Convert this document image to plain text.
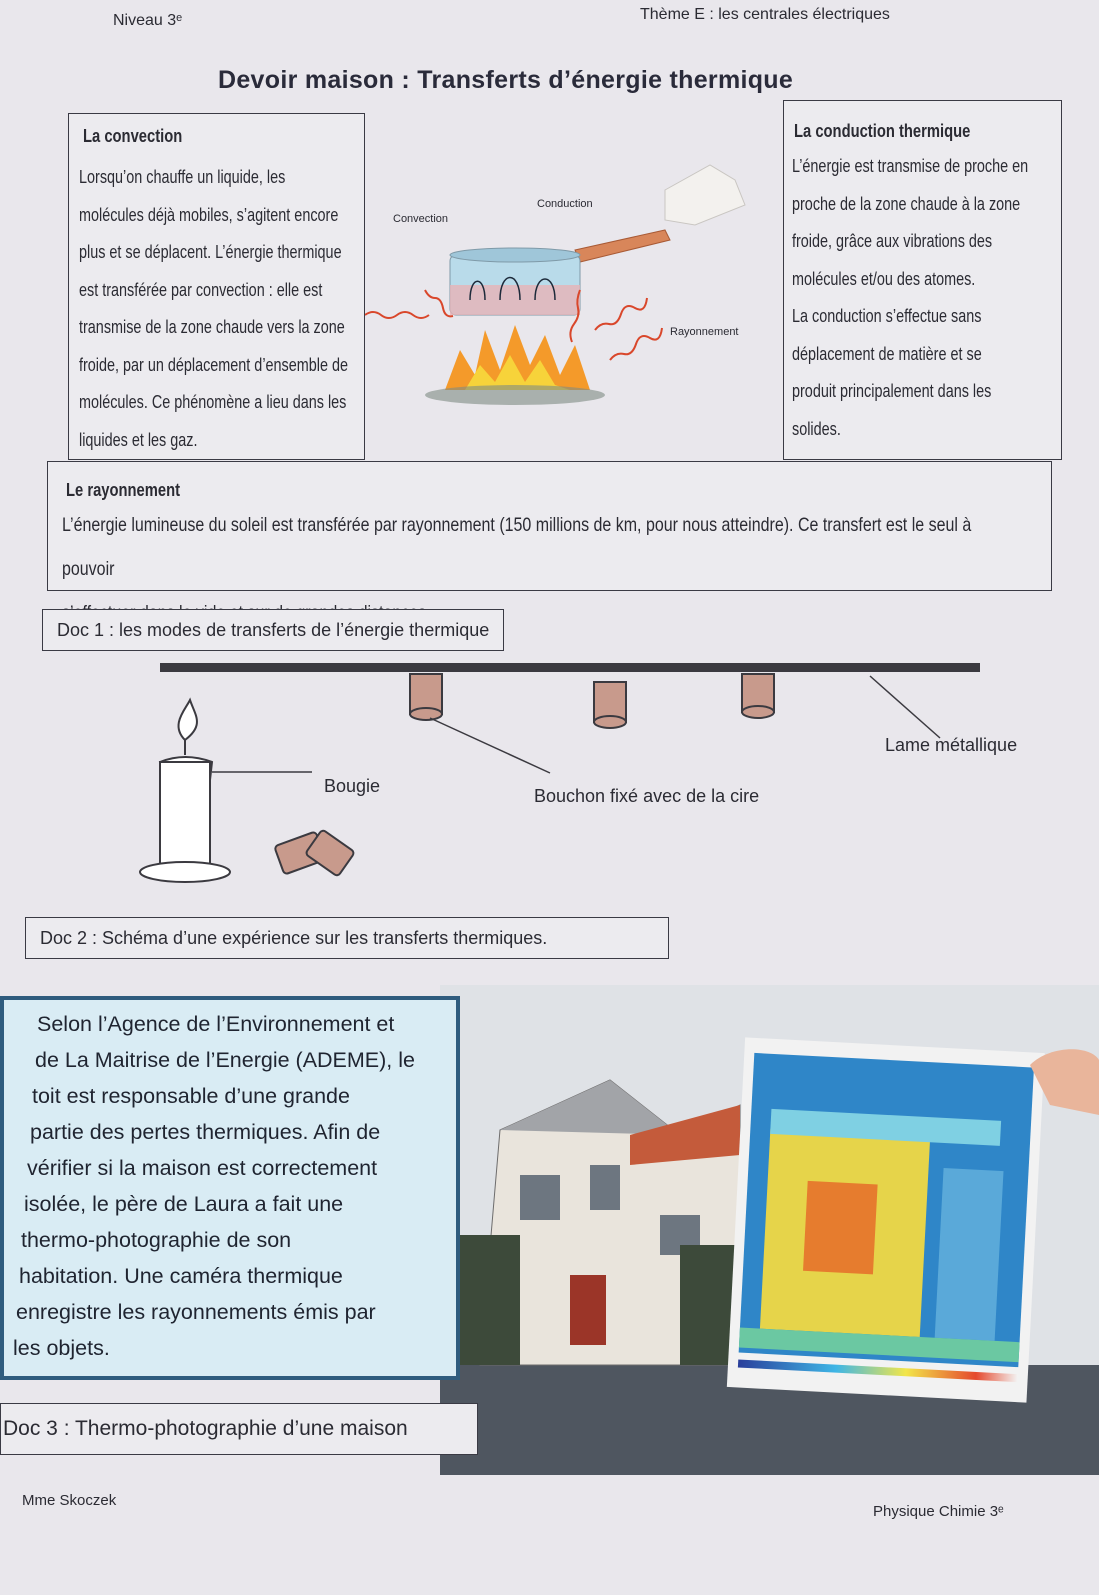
Niveau 3ᵉ	Thème E : les centrales électriques
Devoir maison : Transferts d’énergie thermique
La convection
Lorsqu’on chauffe un liquide, les
molécules déjà mobiles, s’agitent encore
plus et se déplacent. L’énergie thermique
est transférée par convection : elle est
transmise de la zone chaude vers la zone
froide, par un déplacement d’ensemble de
molécules. Ce phénomène a lieu dans les
liquides et les gaz.
La conduction thermique
L’énergie est transmise de proche en
proche de la zone chaude à la zone
froide, grâce aux vibrations des
molécules et/ou des atomes.
La conduction s’effectue sans
déplacement de matière et se
produit principalement dans les
solides.
Convection
Conduction
Rayonnement
Le rayonnement
L’énergie lumineuse du soleil est transférée par rayonnement (150 millions de km, pour nous atteindre). Ce transfert est le seul à pouvoir
Doc 1 : les modes de transferts de l’énergie thermique
Lame métallique
Bougie	Bouchon fixé avec de la cire
Doc 2 : Schéma d’une expérience sur les transferts thermiques.
Selon l’Agence de l’Environnement et
de La Maitrise de l’Energie (ADEME), le
toit est responsable d’une grande
partie des pertes thermiques. Afin de
vérifier si la maison est correctement
isolée, le père de Laura a fait une
thermo-photographie de son
habitation. Une caméra thermique
enregistre les rayonnements émis par
les objets.
Doc 3 : Thermo-photographie d’une maison
Mme Skoczek
Physique Chimie 3ᵉ
